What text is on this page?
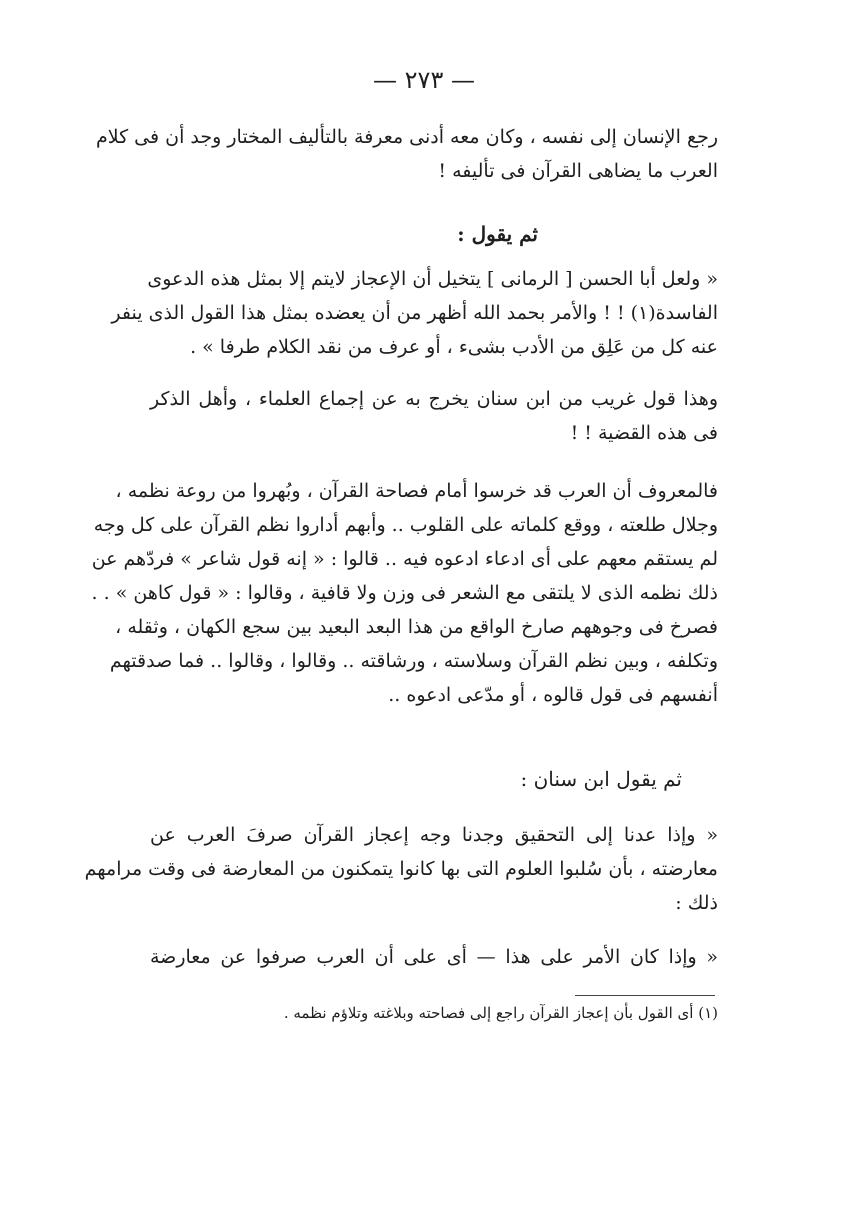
— ٢٧٣ —
رجع الإنسان إلى نفسه ، وكان معه أدنى معرفة بالتأليف المختار وجد أن فى كلام
العرب ما يضاهى القرآن فى تأليفه !
ثم يقول :
« ولعل أبا الحسن [ الرمانى ] يتخيل أن الإعجاز لايتم إلا بمثل هذه الدعوى
الفاسدة(١) ! ! والأمر بحمد الله أظهر من أن يعضده بمثل هذا القول الذى ينفر
عنه كل من عَلِق من الأدب بشىء ، أو عرف من نقد الكلام طرفا » .
وهذا قول غريب من ابن سنان يخرج به عن إجماع العلماء ، وأهل الذكر
فى هذه القضية ! !
فالمعروف أن العرب قد خرسوا أمام فصاحة القرآن ، وبُهروا من روعة نظمه ،
وجلال طلعته ، ووقع كلماته على القلوب .. وأبهم أداروا نظم القرآن على كل وجه
لم يستقم معهم على أى ادعاء ادعوه فيه .. قالوا : « إنه قول شاعر » فردّهم عن
ذلك نظمه الذى لا يلتقى مع الشعر فى وزن ولا قافية ، وقالوا : « قول كاهن » . .
فصرخ فى وجوههم صارخ الواقع من هذا البعد البعيد بين سجع الكهان ، وثقله ،
وتكلفه ، وبين نظم القرآن وسلاسته ، ورشاقته .. وقالوا ، وقالوا .. فما صدقتهم
أنفسهم فى قول قالوه ، أو مدّعى ادعوه ..
ثم يقول ابن سنان :
« وإذا عدنا إلى التحقيق وجدنا وجه إعجاز القرآن صرفَ العرب عن
معارضته ، بأن سُلبوا العلوم التى بها كانوا يتمكنون من المعارضة فى وقت مرامهم
ذلك :
« وإذا كان الأمر على هذا — أى على أن العرب صرفوا عن معارضة
(١) أى القول بأن إعجاز القرآن راجع إلى فصاحته وبلاغته وتلاؤم نظمه .
